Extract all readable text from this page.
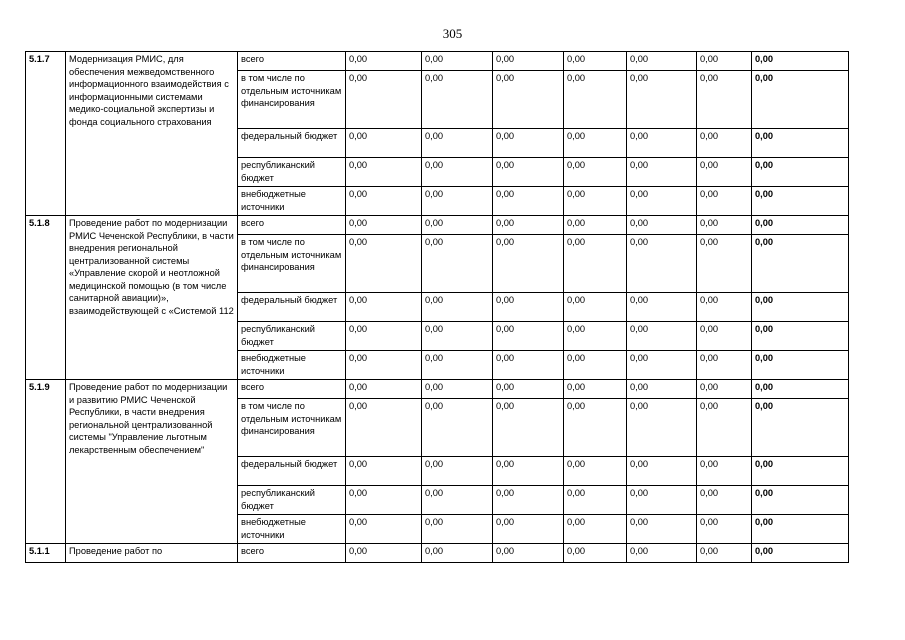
305
5.1.7	Модернизация РМИС, для обеспечения межведомственного информационного взаимодействия с информационными системами медико-социальной экспертизы и фонда социального страхования	всего	0,00	0,00	0,00	0,00	0,00	0,00	0,00
		в том числе по отдельным источникам финансирования	0,00	0,00	0,00	0,00	0,00	0,00	0,00
		федеральный бюджет	0,00	0,00	0,00	0,00	0,00	0,00	0,00
		республиканский бюджет	0,00	0,00	0,00	0,00	0,00	0,00	0,00
		внебюджетные источники	0,00	0,00	0,00	0,00	0,00	0,00	0,00
5.1.8	Проведение работ по модернизации РМИС Чеченской Республики, в части внедрения региональной централизованной системы «Управление скорой и неотложной медицинской помощью (в том числе санитарной авиации)», взаимодействующей с «Системой 112	всего	0,00	0,00	0,00	0,00	0,00	0,00	0,00
		в том числе по отдельным источникам финансирования	0,00	0,00	0,00	0,00	0,00	0,00	0,00
		федеральный бюджет	0,00	0,00	0,00	0,00	0,00	0,00	0,00
		республиканский бюджет	0,00	0,00	0,00	0,00	0,00	0,00	0,00
		внебюджетные источники	0,00	0,00	0,00	0,00	0,00	0,00	0,00
5.1.9	Проведение работ по модернизации и развитию РМИС Чеченской Республики, в части внедрения региональной централизованной системы "Управление льготным лекарственным обеспечением"	всего	0,00	0,00	0,00	0,00	0,00	0,00	0,00
		в том числе по отдельным источникам финансирования	0,00	0,00	0,00	0,00	0,00	0,00	0,00
		федеральный бюджет	0,00	0,00	0,00	0,00	0,00	0,00	0,00
		республиканский бюджет	0,00	0,00	0,00	0,00	0,00	0,00	0,00
		внебюджетные источники	0,00	0,00	0,00	0,00	0,00	0,00	0,00
5.1.1	Проведение работ по	всего	0,00	0,00	0,00	0,00	0,00	0,00	0,00
